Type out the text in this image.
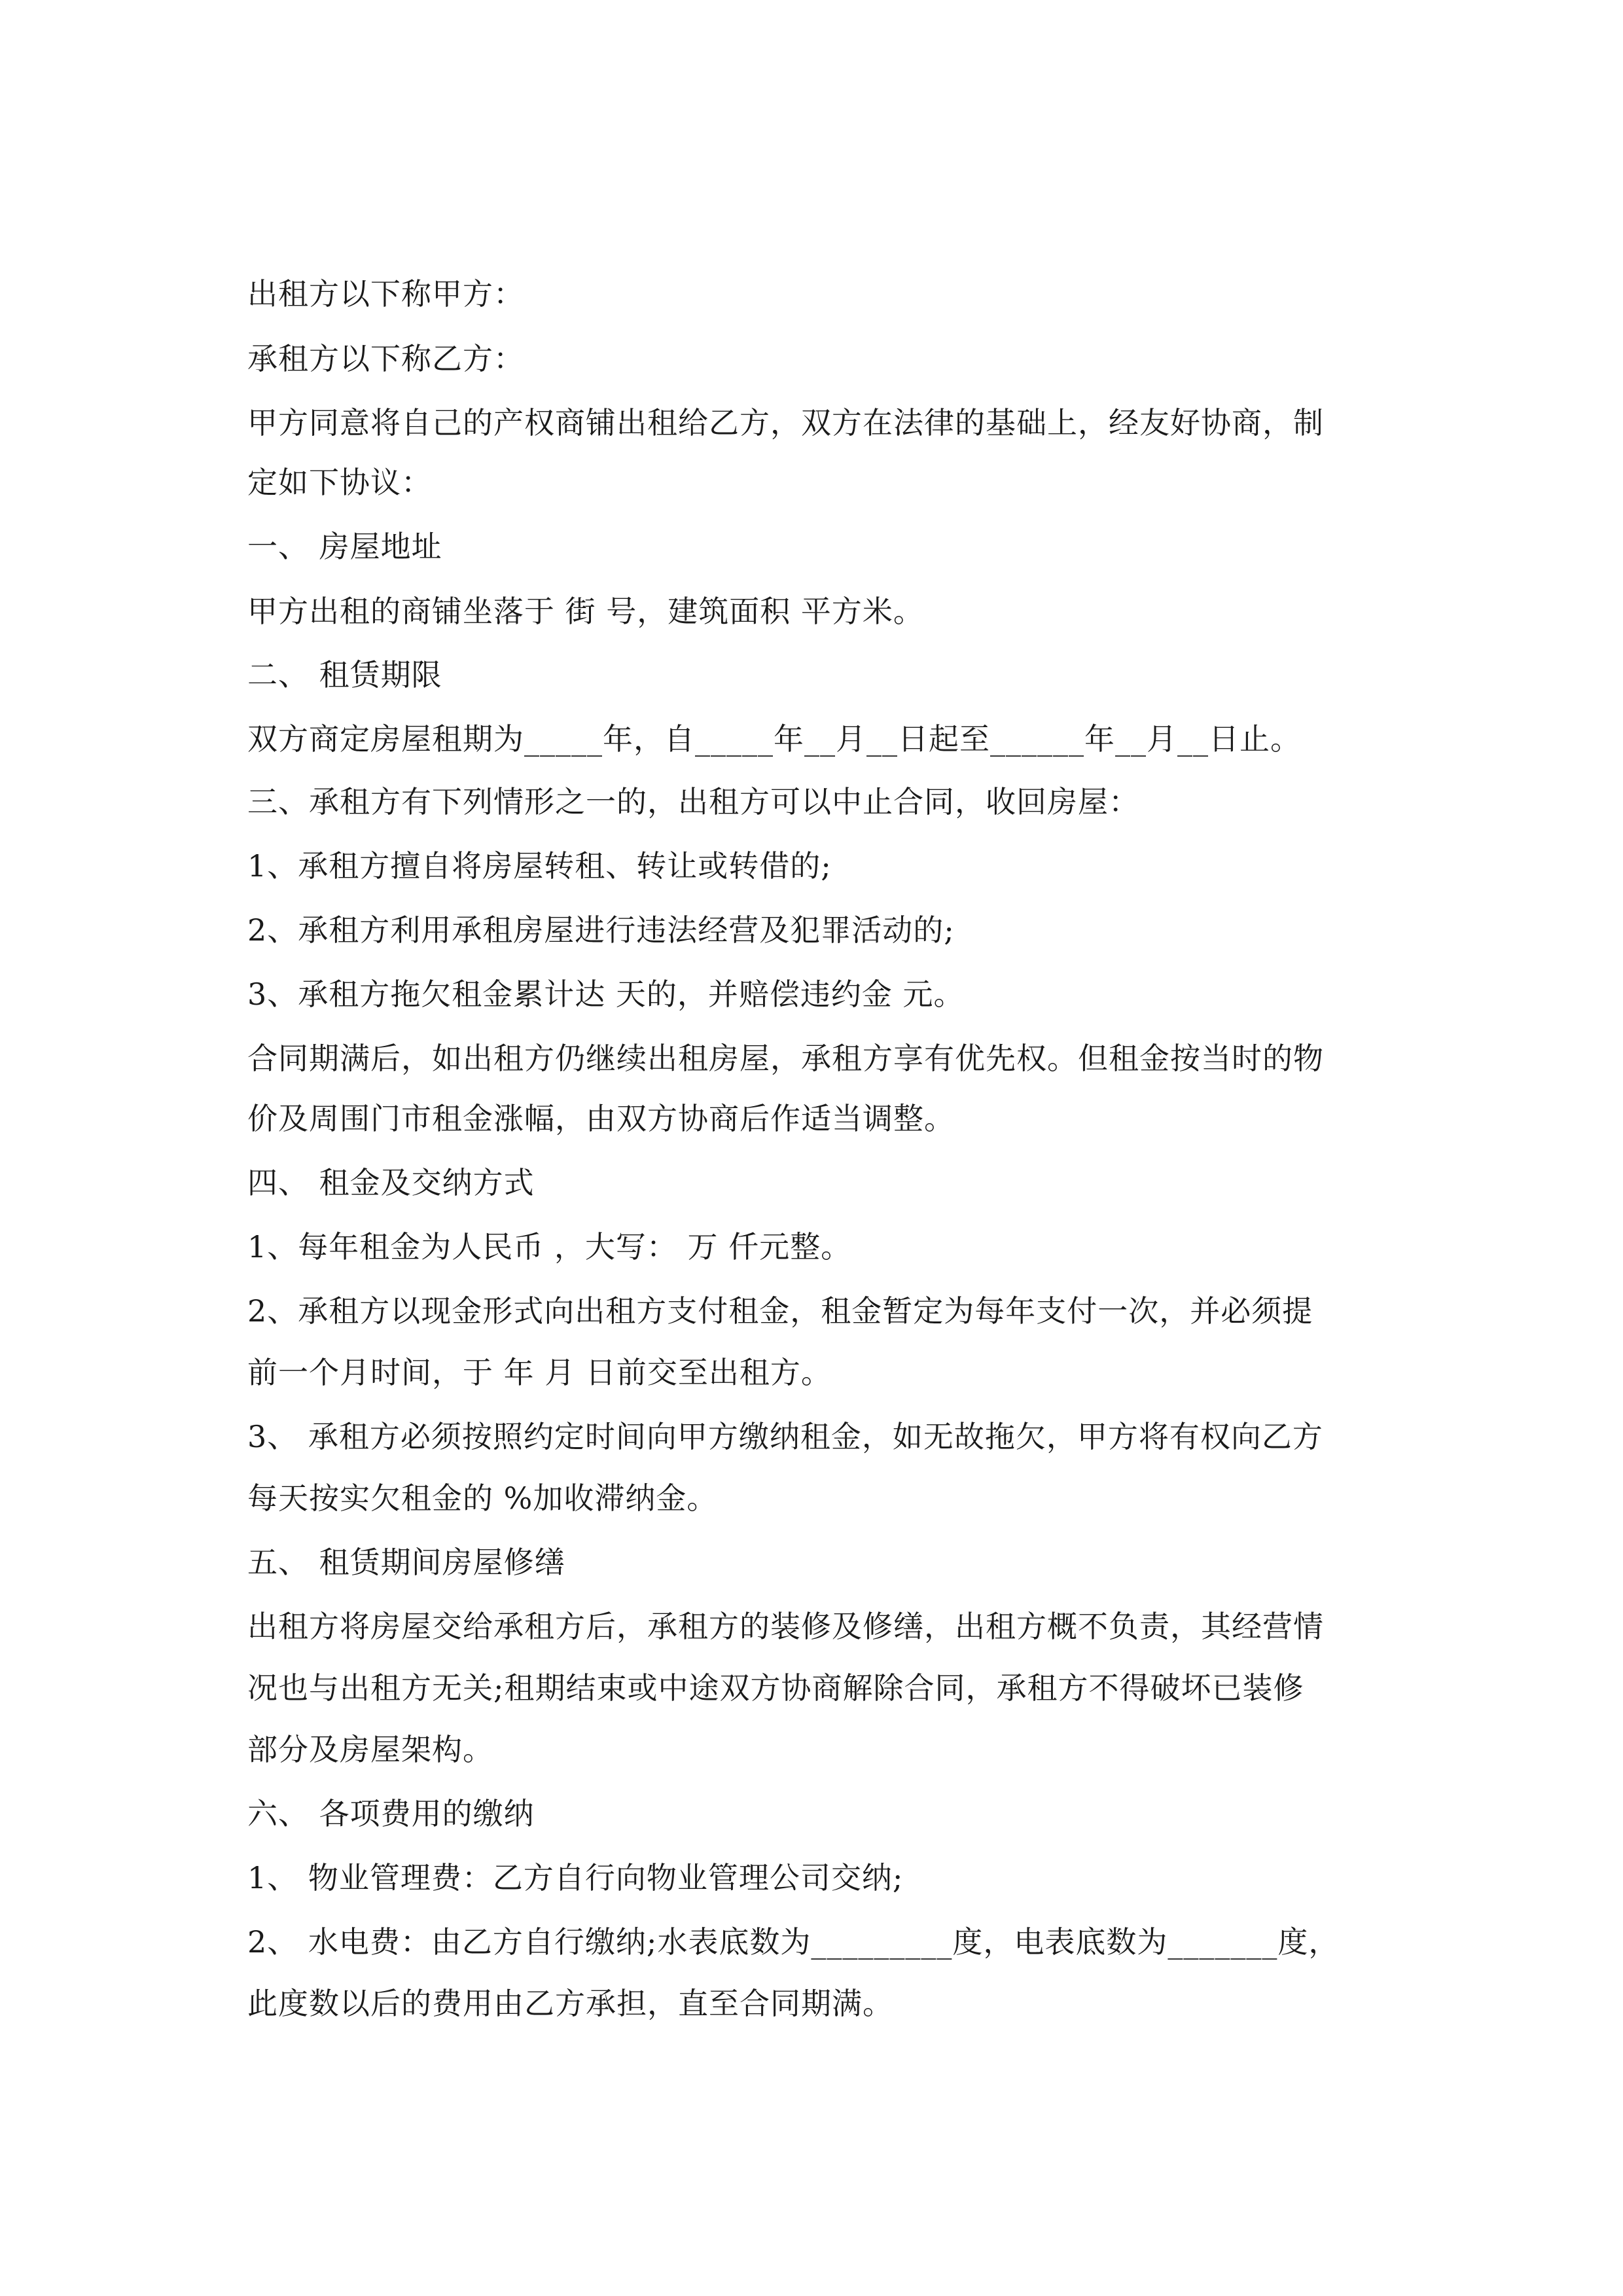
出租方以下称甲方：
承租方以下称乙方：
甲方同意将自己的产权商铺出租给乙方，双方在法律的基础上，经友好协商，制
定如下协议：
一、 房屋地址
甲方出租的商铺坐落于 街 号，建筑面积 平方米。
二、 租赁期限
双方商定房屋租期为_____年，自_____年__月__日起至______年__月__日止。
三、承租方有下列情形之一的，出租方可以中止合同，收回房屋：
1、承租方擅自将房屋转租、转让或转借的;
2、承租方利用承租房屋进行违法经营及犯罪活动的;
3、承租方拖欠租金累计达 天的，并赔偿违约金 元。
合同期满后，如出租方仍继续出租房屋，承租方享有优先权。但租金按当时的物
价及周围门市租金涨幅，由双方协商后作适当调整。
四、 租金及交纳方式
1、每年租金为人民币 ，大写： 万 仟元整。
2、承租方以现金形式向出租方支付租金，租金暂定为每年支付一次，并必须提
前一个月时间，于 年 月 日前交至出租方。
3、 承租方必须按照约定时间向甲方缴纳租金，如无故拖欠，甲方将有权向乙方
每天按实欠租金的 %加收滞纳金。
五、 租赁期间房屋修缮
出租方将房屋交给承租方后，承租方的装修及修缮，出租方概不负责，其经营情
况也与出租方无关;租期结束或中途双方协商解除合同，承租方不得破坏已装修
部分及房屋架构。
六、 各项费用的缴纳
1、 物业管理费：乙方自行向物业管理公司交纳;
2、 水电费：由乙方自行缴纳;水表底数为_________度，电表底数为_______度，
此度数以后的费用由乙方承担，直至合同期满。
